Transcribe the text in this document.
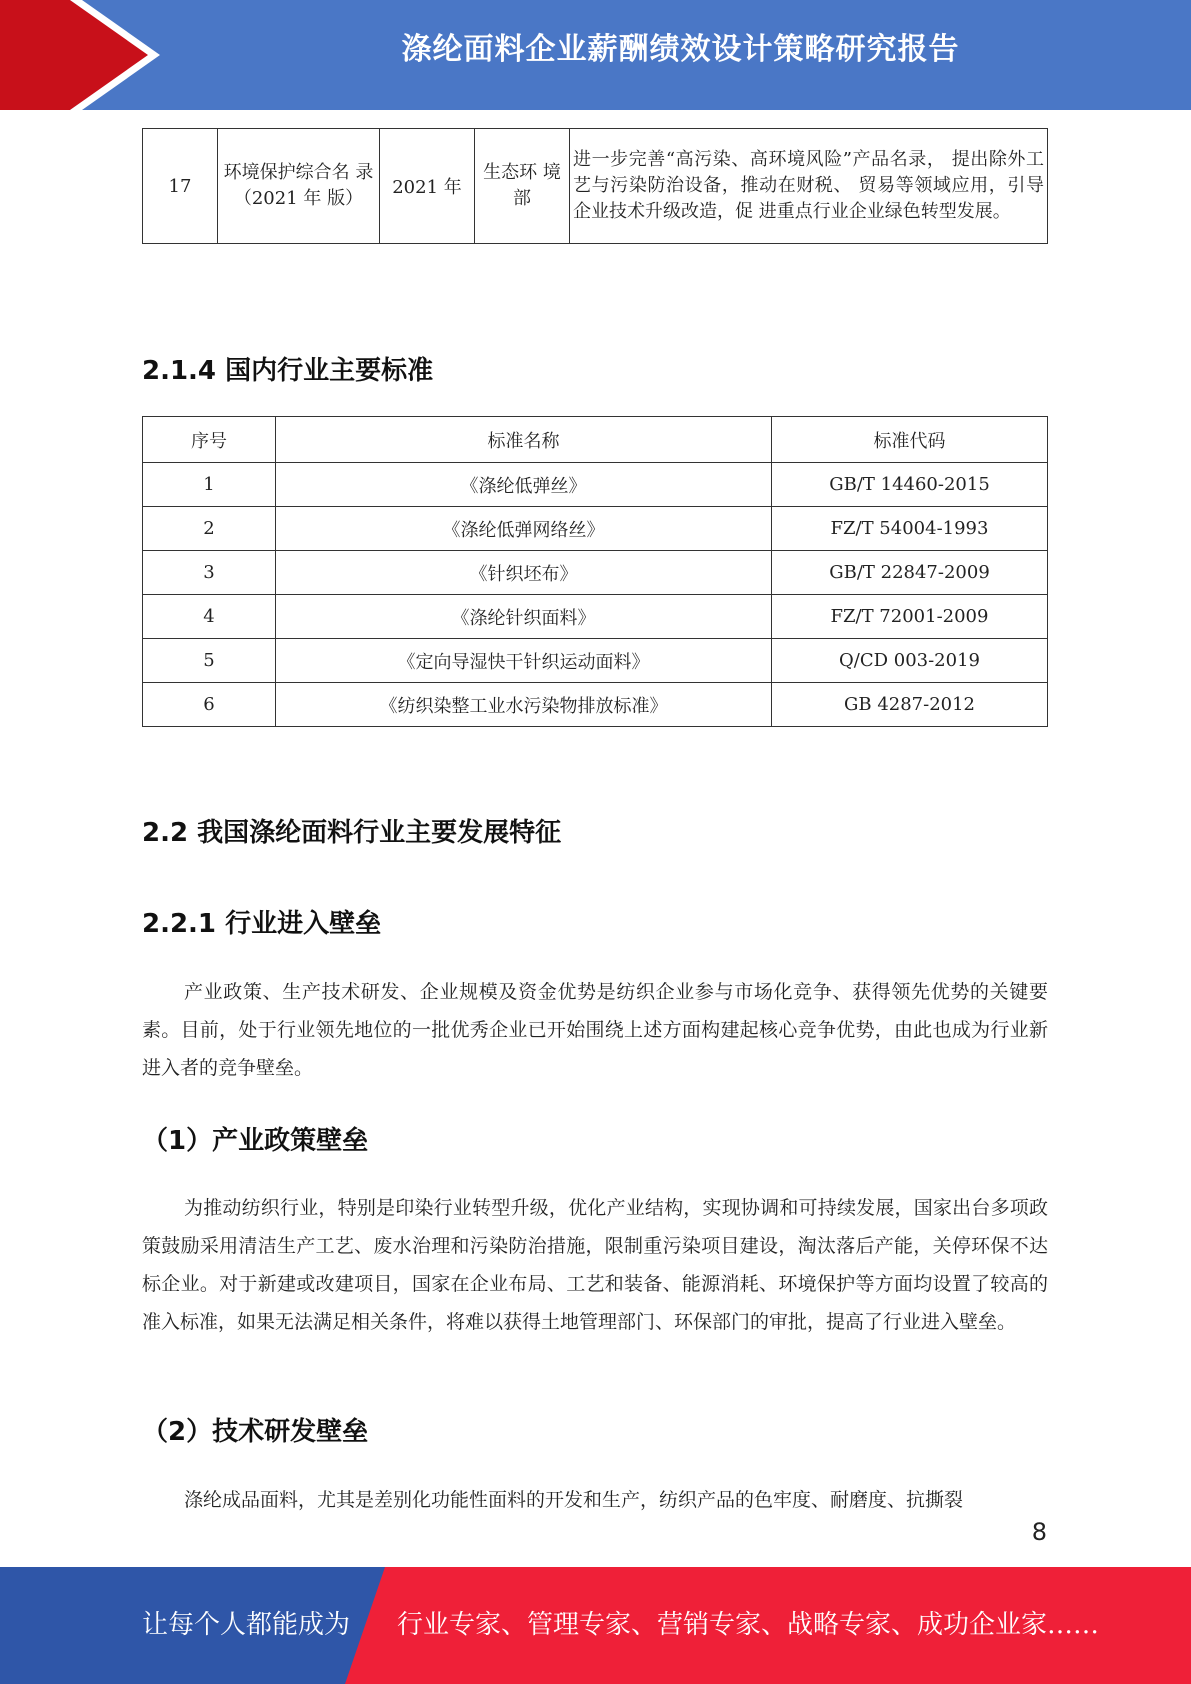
涤纶面料企业薪酬绩效设计策略研究报告
17	环境保护综合名 录（2021 年 版）	2021 年	生态环 境部	进一步完善“高污染、高环境风险”产品名录， 提出除外工艺与污染防治设备，推动在财税、 贸易等领域应用，引导企业技术升级改造，促 进重点行业企业绿色转型发展。
2.1.4 国内行业主要标准
序号	标准名称	标准代码
1	《涤纶低弹丝》	GB/T 14460-2015
2	《涤纶低弹网络丝》	FZ/T 54004-1993
3	《针织坯布》	GB/T 22847-2009
4	《涤纶针织面料》	FZ/T 72001-2009
5	《定向导湿快干针织运动面料》	Q/CD 003-2019
6	《纺织染整工业水污染物排放标准》	GB 4287-2012
2.2 我国涤纶面料行业主要发展特征
2.2.1 行业进入壁垒

产业政策、生产技术研发、企业规模及资金优势是纺织企业参与市场化竞争、获得领先优势的关键要素。目前，处于行业领先地位的一批优秀企业已开始围绕上述方面构建起核心竞争优势，由此也成为行业新进入者的竞争壁垒。

（1）产业政策壁垒

为推动纺织行业，特别是印染行业转型升级，优化产业结构，实现协调和可持续发展，国家出台多项政策鼓励采用清洁生产工艺、废水治理和污染防治措施，限制重污染项目建设，淘汰落后产能，关停环保不达标企业。对于新建或改建项目，国家在企业布局、工艺和装备、能源消耗、环境保护等方面均设置了较高的准入标准，如果无法满足相关条件，将难以获得土地管理部门、环保部门的审批，提高了行业进入壁垒。

（2）技术研发壁垒

涤纶成品面料，尤其是差别化功能性面料的开发和生产，纺织产品的色牢度、耐磨度、抗撕裂

8
让每个人都能成为 行业专家、管理专家、营销专家、战略专家、成功企业家……
